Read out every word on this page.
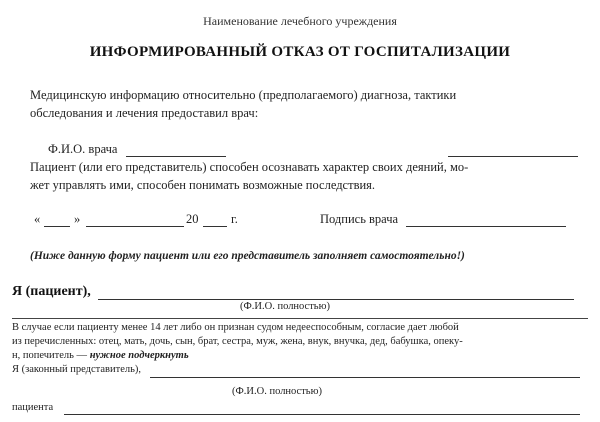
Наименование лечебного учреждения
ИНФОРМИРОВАННЫЙ ОТКАЗ ОТ ГОСПИТАЛИЗАЦИИ
Медицинскую информацию относительно (предполагаемого) диагноза, тактики
обследования и лечения предоставил врач:
Ф.И.О. врача
Пациент (или его представитель) способен осознавать характер своих деяний, мо-
жет управлять ими, способен понимать возможные последствия.
«	»	20	г.	Подпись врача
(Ниже данную форму пациент или его представитель заполняет самостоятельно!)
Я (пациент),
(Ф.И.О. полностью)
В случае если пациенту менее 14 лет либо он признан судом недееспособным, согласие дает любой
из перечисленных: отец, мать, дочь, сын, брат, сестра, муж, жена, внук, внучка, дед, бабушка, опеку-
н, попечитель — нужное подчеркнуть
Я (законный представитель),
(Ф.И.О. полностью)
пациента
